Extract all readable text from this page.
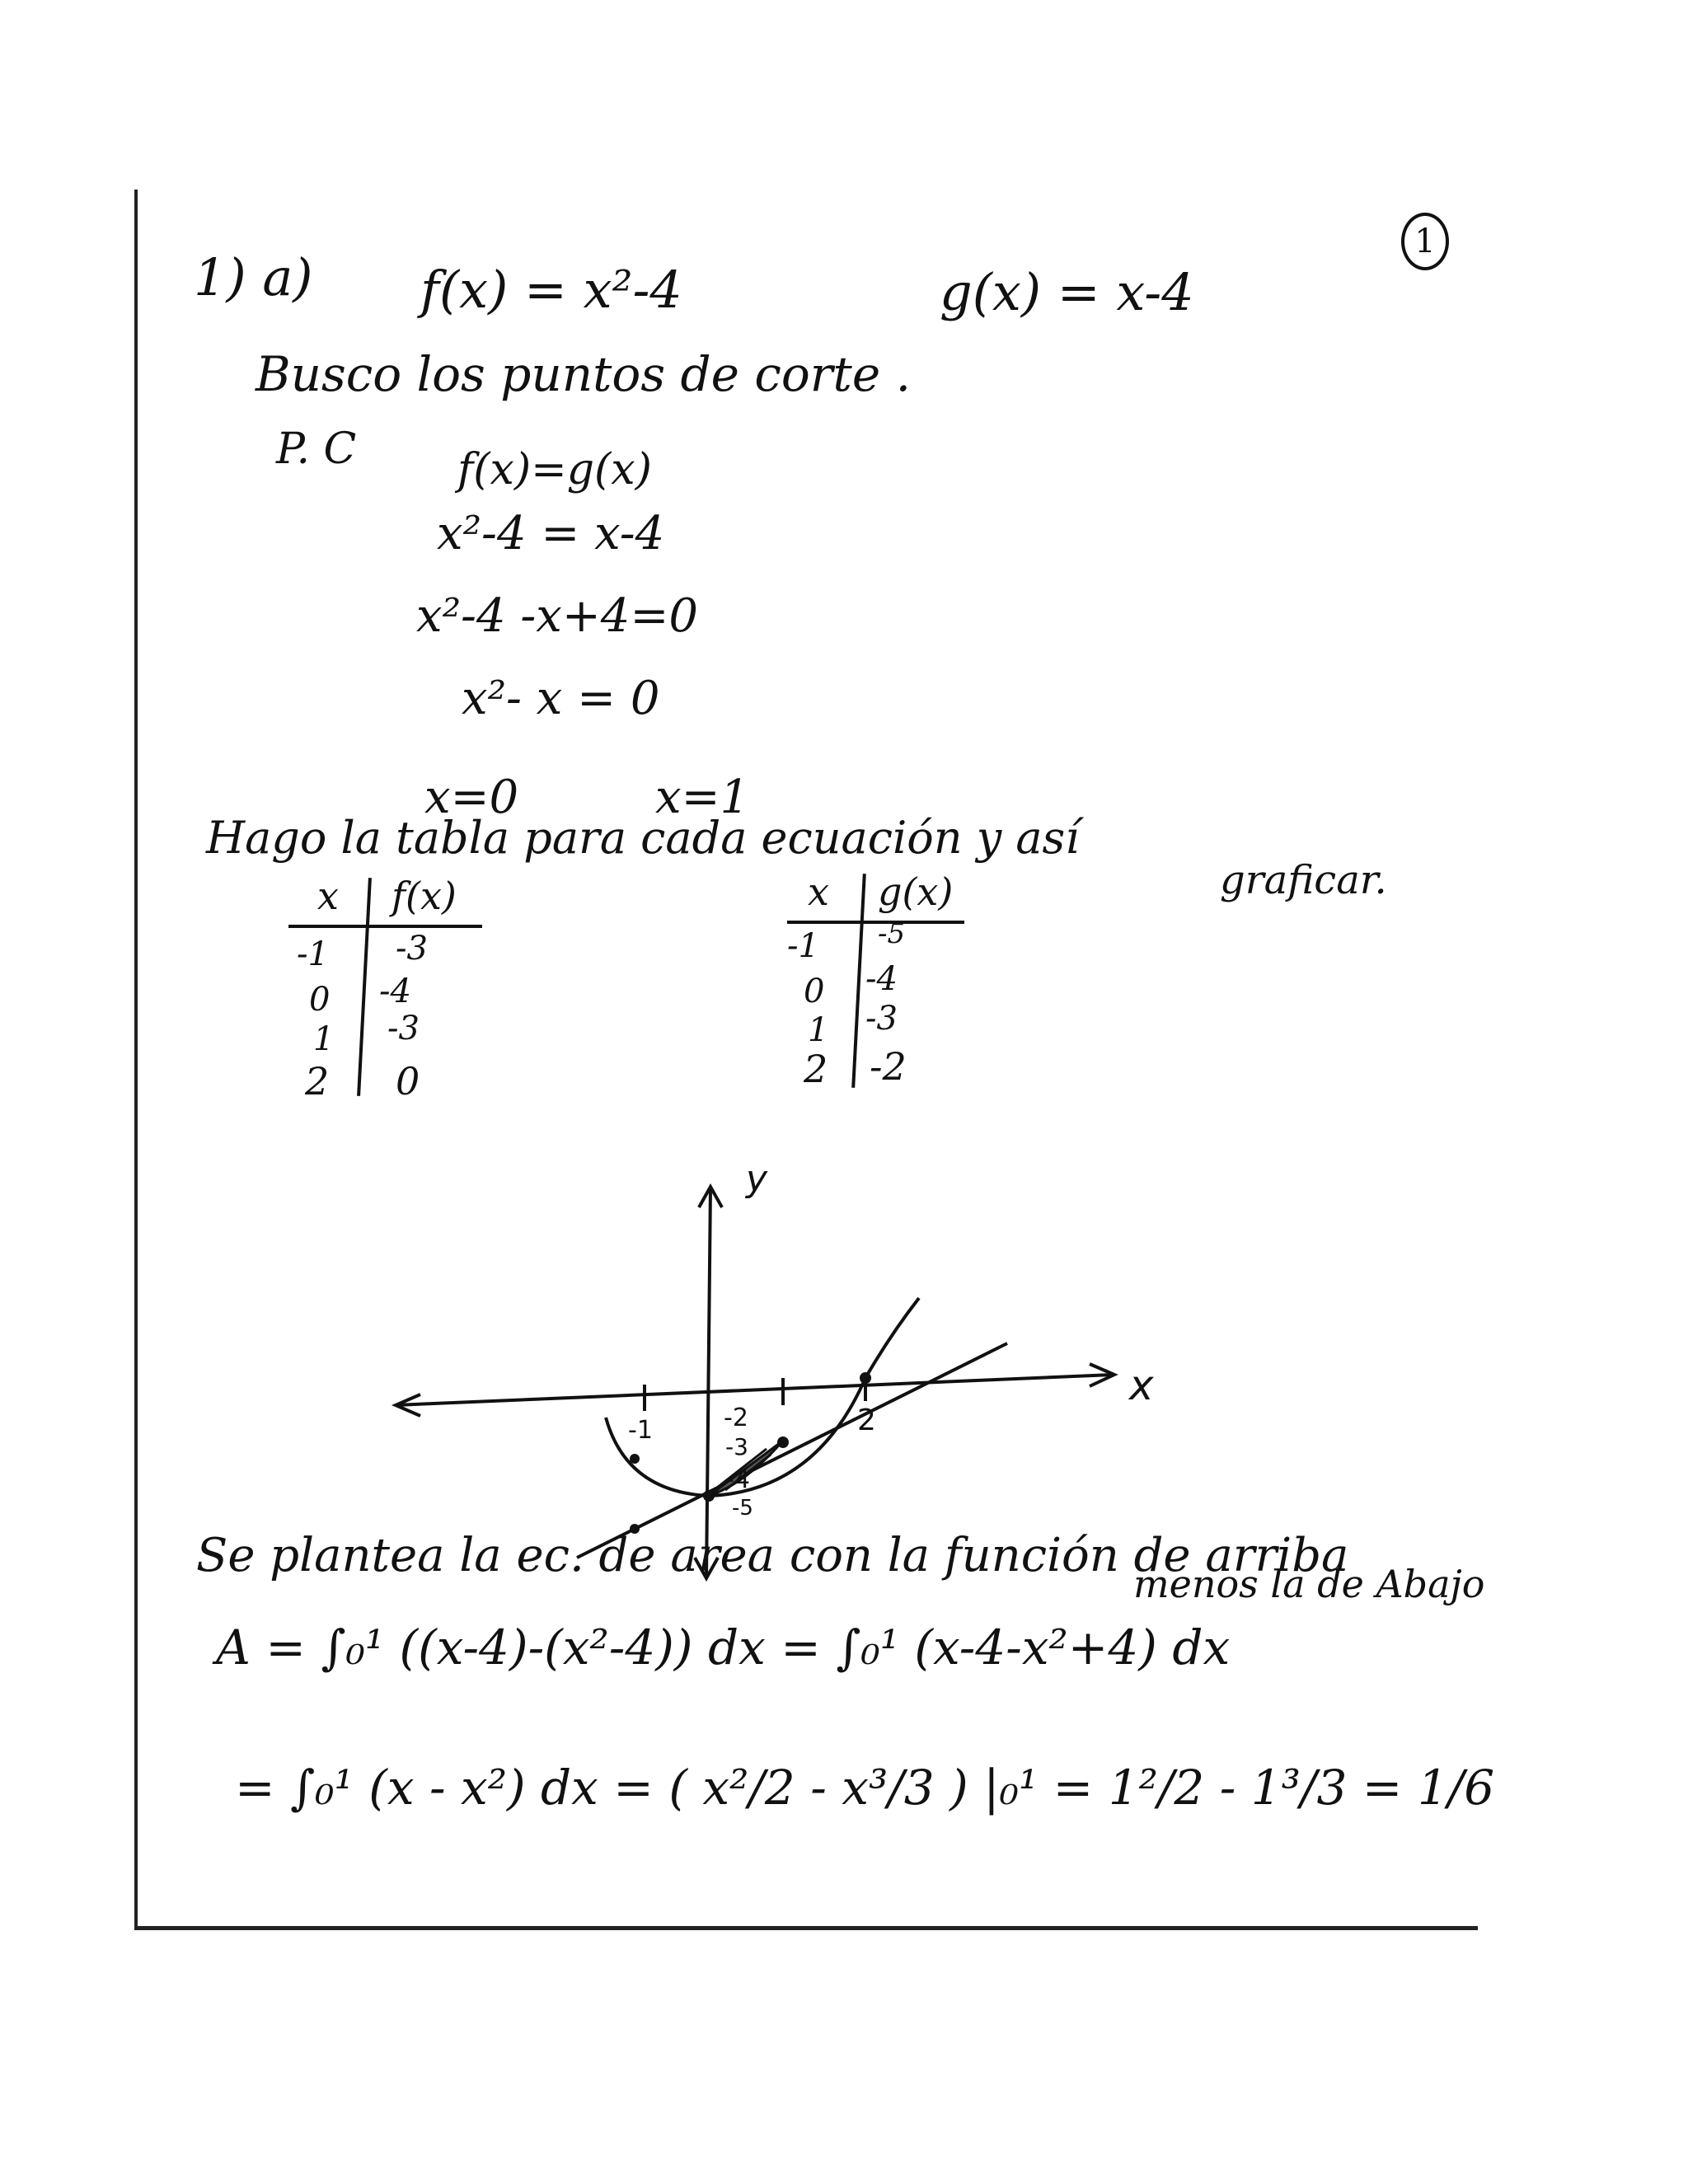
1
1) a) f(x) = x²-4	g(x) = x-4
Busco los puntos de corte .
P. C f(x)=g(x)
x²-4 = x-4
x²-4 -x+4=0
x²- x = 0
x=0	x=1
Hago la tabla para cada ecuación y así
graficar.
x f(x)
-1 -3
0 -4
1 -3
2 0
x g(x)
-1 -5
0 -4
1 -3
2 -2
y
x
-1	2
-2
-3
-4
-5
Se plantea la ec. de area con la función de arriba
menos la de Abajo
A = ∫₀¹ ((x-4)-(x²-4)) dx = ∫₀¹ (x-4-x²+4) dx
= ∫₀¹ (x - x²) dx = ( x²/2 - x³/3 ) |₀¹ = 1²/2 - 1³/3 = 1/6
